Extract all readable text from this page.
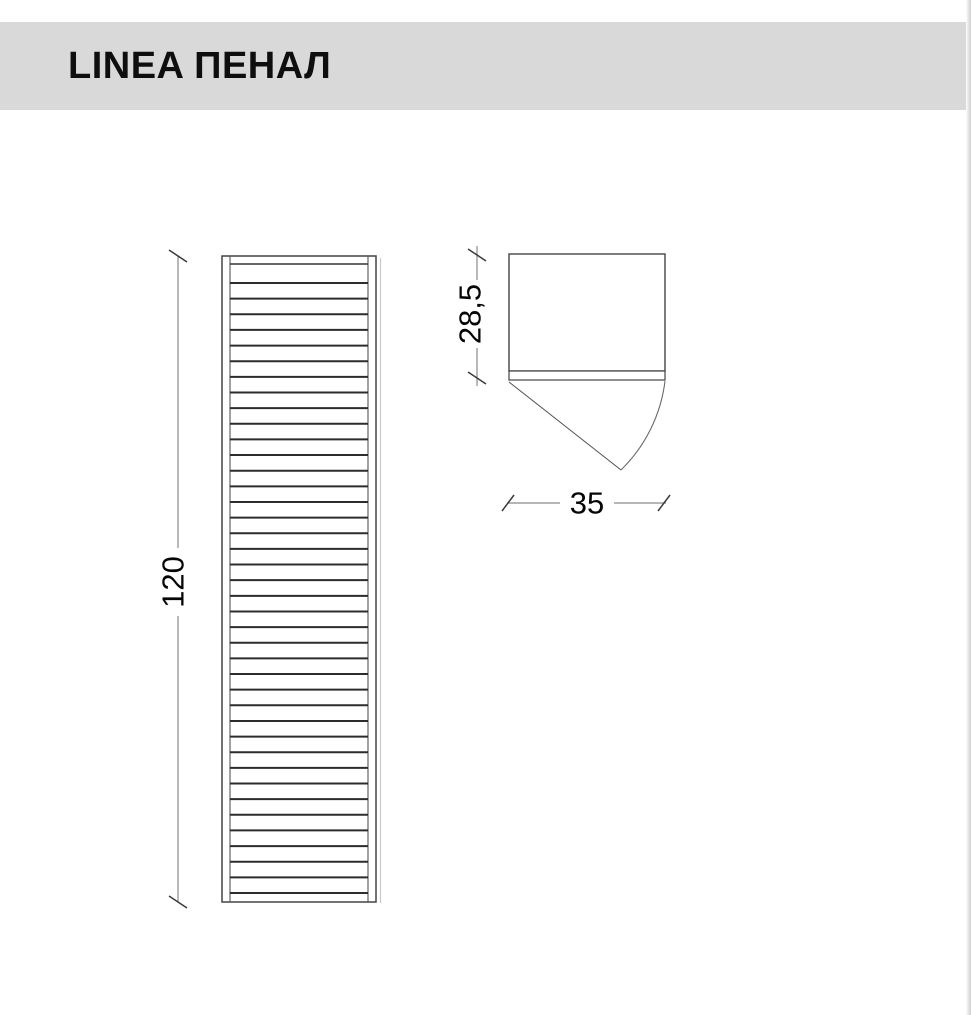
LINEA ПЕНАЛ
120
28,5
35
